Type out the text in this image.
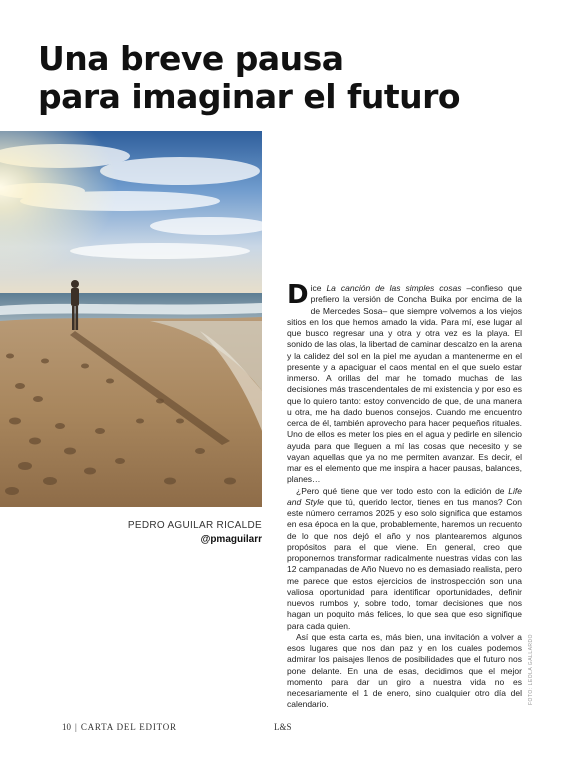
Una breve pausa
para imaginar el futuro
PEDRO AGUILAR RICALDE
@pmaguilarr

Dice La canción de las simples cosas –confieso que prefiero la versión de Concha Buika por encima de la de Mercedes Sosa– que siempre volvemos a los viejos sitios en los que hemos amado la vida. Para mí, ese lugar al que busco regresar una y otra y otra vez es la playa. El sonido de las olas, la libertad de caminar descalzo en la arena y la calidez del sol en la piel me ayudan a mantenerme en el presente y a apaciguar el caos mental en el que suelo estar inmerso. A orillas del mar he tomado muchas de las decisiones más trascendentales de mi existencia y por eso es que lo quiero tanto: estoy convencido de que, de una manera u otra, me ha dado buenos consejos. Cuando me encuentro cerca de él, también aprovecho para hacer pequeños rituales. Uno de ellos es meter los pies en el agua y pedirle en silencio ayuda para que lleguen a mí las cosas que necesito y se vayan aquellas que ya no me permiten avanzar. Es decir, el mar es el elemento que me inspira a hacer pausas, balances, planes…

¿Pero qué tiene que ver todo esto con la edición de Life and Style que tú, querido lector, tienes en tus manos? Con este número cerramos 2025 y eso solo significa que estamos en esa época en la que, probablemente, haremos un recuento de lo que nos dejó el año y nos plantearemos algunos propósitos para el que viene. En general, creo que proponernos transformar radicalmente nuestras vidas con las 12 campanadas de Año Nuevo no es demasiado realista, pero me parece que estos ejercicios de instrospección son una valiosa oportunidad para identificar oportunidades, definir nuevos rumbos y, sobre todo, tomar decisiones que nos hagan un poquito más felices, lo que sea que eso signifique para cada quien.

Así que esta carta es, más bien, una invitación a volver a esos lugares que nos dan paz y en los cuales podemos admirar los paisajes llenos de posibilidades que el futuro nos pone delante. En una de esas, decidimos que el mejor momento para dar un giro a nuestra vida no es necesariamente el 1 de enero, sino cualquier otro día del calendario.	FOTO: LEOLA GALLARDO
10 | CARTA DEL EDITOR	L&S
